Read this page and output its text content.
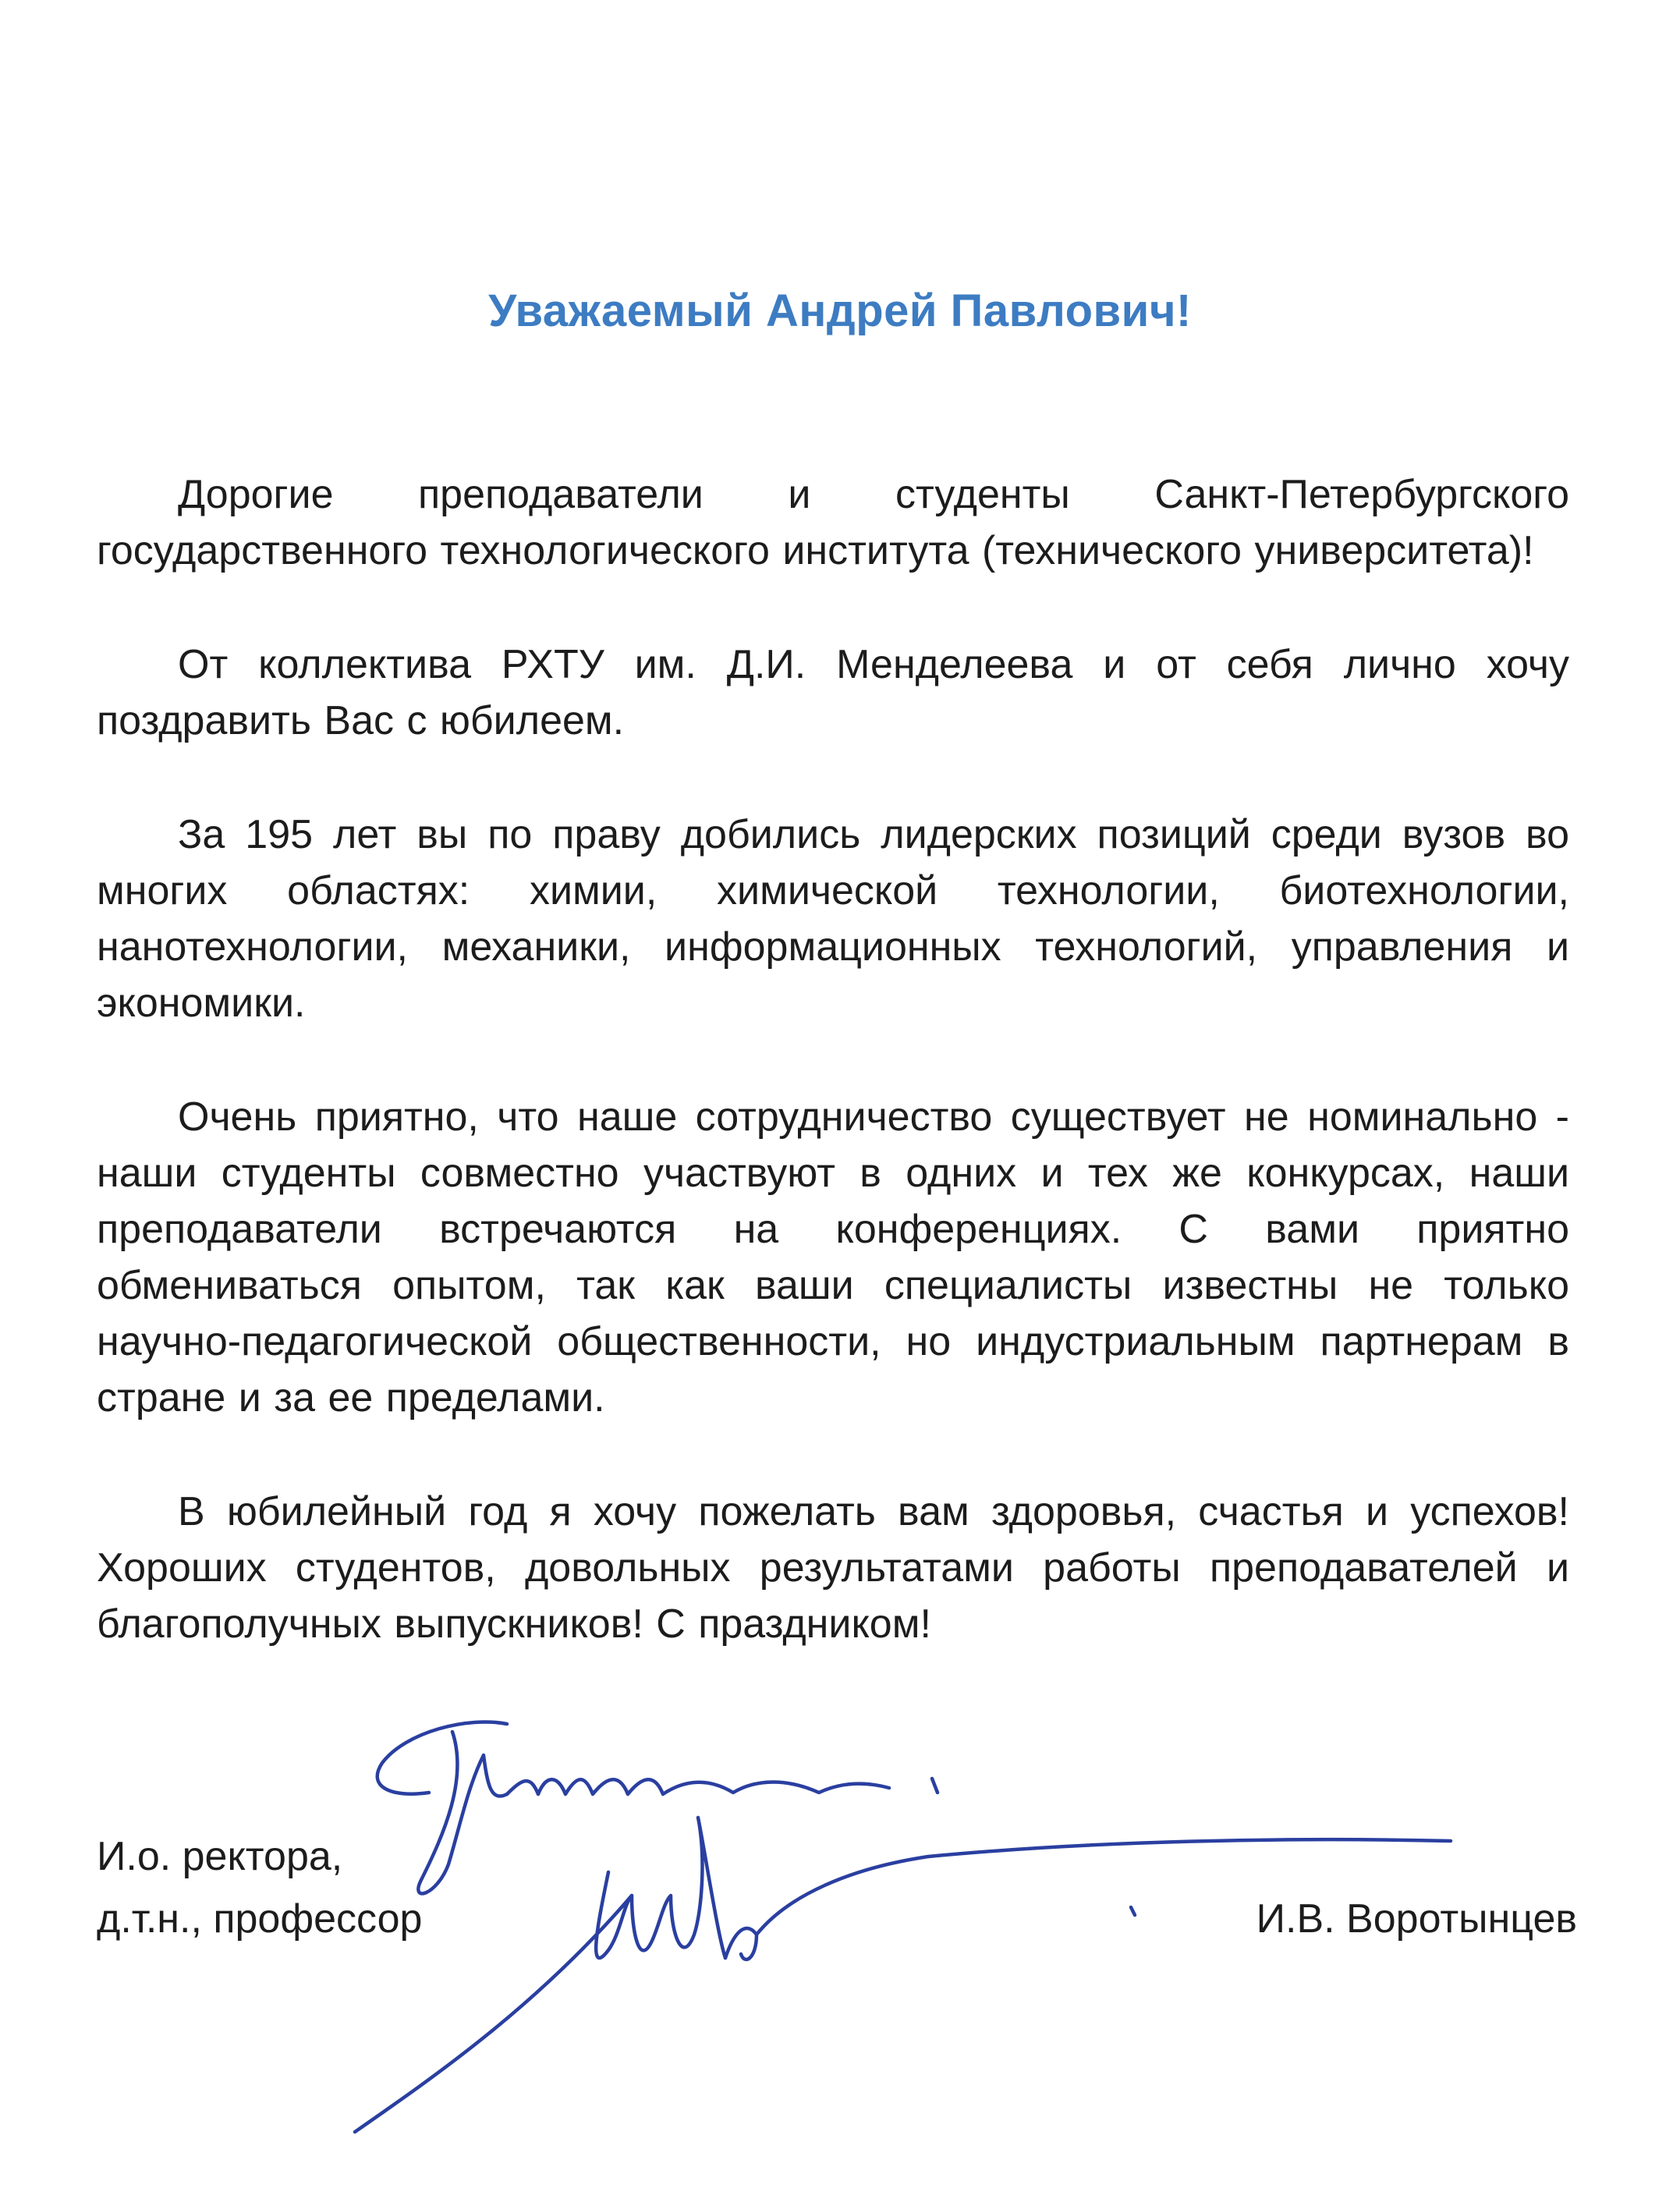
Уважаемый Андрей Павлович!

Дорогие преподаватели и студенты Санкт-Петербургского государственного технологического института (технического университета)!

От коллектива РХТУ им. Д.И. Менделеева и от себя лично хочу поздравить Вас с юбилеем.

За 195 лет вы по праву добились лидерских позиций среди вузов во многих областях: химии, химической технологии, биотехнологии, нанотехнологии, механики, информационных технологий, управления и экономики.

Очень приятно, что наше сотрудничество существует не номинально - наши студенты совместно участвуют в одних и тех же конкурсах, наши преподаватели встречаются на конференциях. С вами приятно обмениваться опытом, так как ваши специалисты известны не только научно-педагогической общественности, но индустриальным партнерам в стране и за ее пределами.

В юбилейный год я хочу пожелать вам здоровья, счастья и успехов! Хороших студентов, довольных результатами работы преподавателей и благополучных выпускников! С праздником!

И.о. ректора,
д.т.н., профессор	И.В. Воротынцев
